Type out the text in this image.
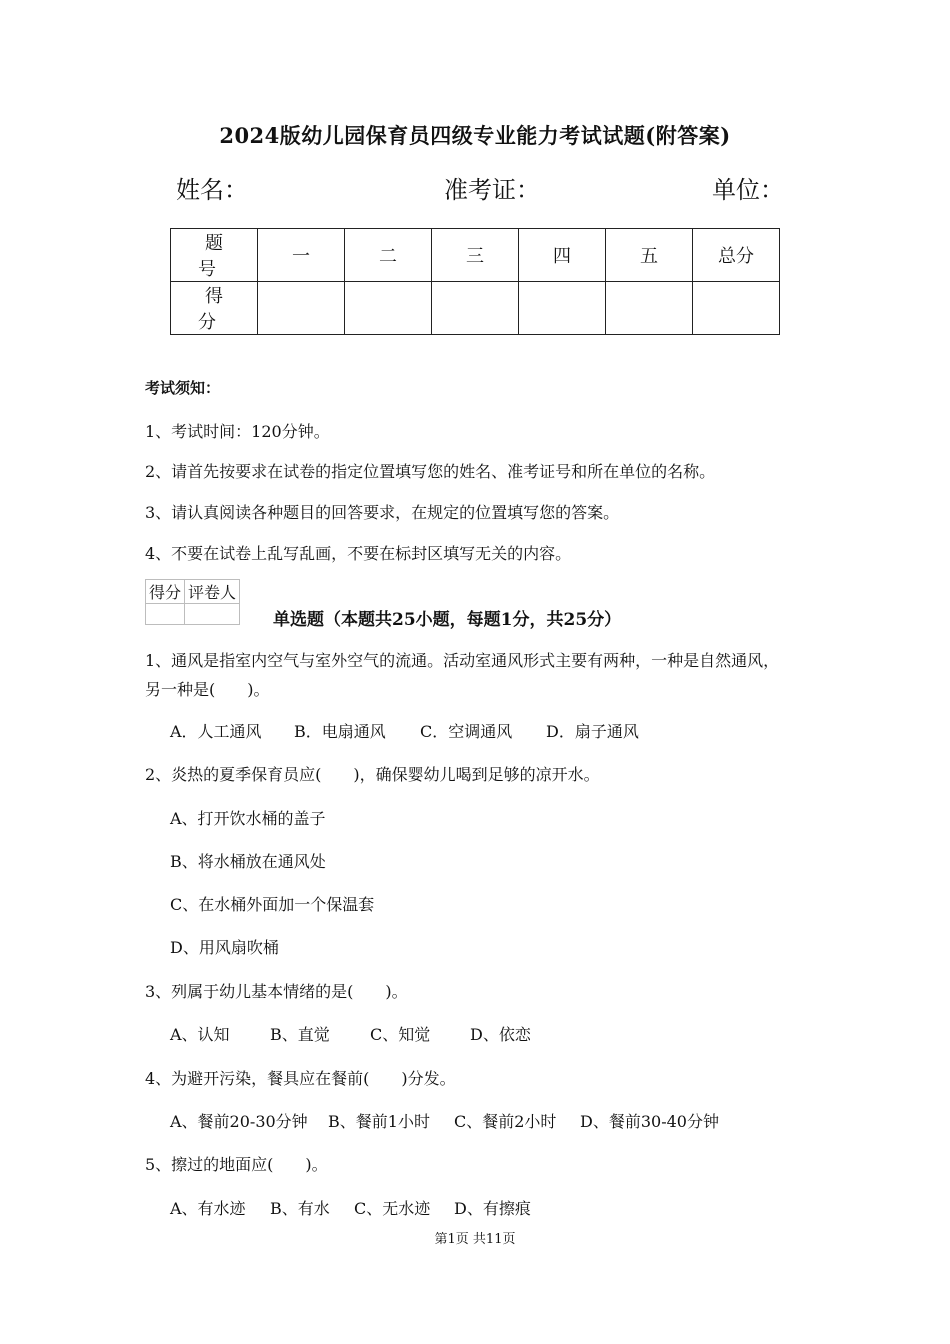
2024版幼儿园保育员四级专业能力考试试题(附答案)
姓名：	准考证：	单位：
题　号	一	二	三	四	五	总分
得　分						
考试须知：
1、考试时间：120分钟。
2、请首先按要求在试卷的指定位置填写您的姓名、准考证号和所在单位的名称。
3、请认真阅读各种题目的回答要求，在规定的位置填写您的答案。
4、不要在试卷上乱写乱画，不要在标封区填写无关的内容。
得分	评卷人

单选题（本题共25小题，每题1分，共25分）
1、通风是指室内空气与室外空气的流通。活动室通风形式主要有两种，一种是自然通风，
另一种是(　　)。
A．人工通风 B．电扇通风 C．空调通风 D．扇子通风
2、炎热的夏季保育员应(　　)，确保婴幼儿喝到足够的凉开水。
A、打开饮水桶的盖子
B、将水桶放在通风处
C、在水桶外面加一个保温套
D、用风扇吹桶
3、列属于幼儿基本情绪的是(　　)。
A、认知	B、直觉	C、知觉 D、依恋
4、为避开污染，餐具应在餐前(　　)分发。
A、餐前20-30分钟 B、餐前1小时 C、餐前2小时 D、餐前30-40分钟
5、擦过的地面应(　　)。
A、有水迹 B、有水 C、无水迹 D、有擦痕
第1页 共11页
